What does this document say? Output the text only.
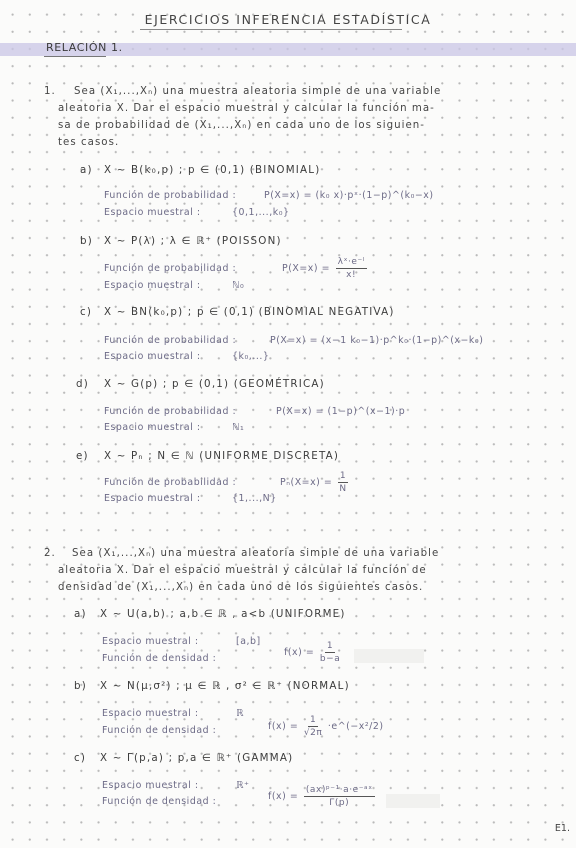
EJERCICIOS INFERENCIA ESTADÍSTICA
RELACIÓN 1.
1. Sea (X₁,...,Xₙ) una muestra aleatoria simple de una variable
aleatoria X. Dar el espacio muestral y calcular la función ma-
sa de probabilidad de (X₁,...,Xₙ) en cada uno de los siguien-
tes casos.
a) X ~ B(k₀,p) ; p ∈ (0,1) (BINOMIAL)
Función de probabilidad :	P(X=x) = (k₀ x)·pˣ·(1−p)^(k₀−x)
Espacio muestral :	{0,1,...,k₀}
b) X ~ P(λ) ; λ ∈ ℝ⁺ (POISSON)
Función de probabilidad :	$P(X=x) = \frac{\text{λˣ·e⁻ˡ}}{x!}$
Espacio muestral :	ℕ₀
c) X ~ BN(k₀,p) ; p ∈ (0,1) (BINOMIAL NEGATIVA)
Función de probabilidad :	P(X=x) = (x−1 k₀−1)·p^k₀·(1−p)^(x−k₀)
Espacio muestral :	{k₀,...}
d) X ~ G(p) ; p ∈ (0,1) (GEOMÉTRICA)
Función de probabilidad :	P(X=x) = (1−p)^(x−1)·p
Espacio muestral :	ℕ₁
e) X ~ Pₙ ; N ∈ ℕ (UNIFORME DISCRETA)
Función de probabilidad :	$P_n(X=x) = \frac{1}{N}$
Espacio muestral :	{1,...,N}
2. Sea (X₁,...,Xₙ) una muestra aleatoria simple de una variable
aleatoria X. Dar el espacio muestral y calcular la función de
densidad de (X₁,...,Xₙ) en cada uno de los siguientes casos.
a) X ~ U(a,b) ; a,b ∈ ℝ , a<b (UNIFORME)
Espacio muestral :	[a,b]
Función de densidad :
$f(x) = \frac{1}{b-a}$
b) X ~ N(μ,σ²) ; μ ∈ ℝ , σ² ∈ ℝ⁺ (NORMAL)
Espacio muestral :	ℝ
Función de densidad :	$f(x) = \frac{1}{√2\pi}$ ·e^(−x²/2)
c) X ~ Γ(p,a) ; p,a ∈ ℝ⁺ (GAMMA)
Espacio muestral :	ℝ⁺
Función de densidad :	$f(x) = \frac{\text{(ax)ᵖ⁻¹·a·e⁻ᵃˣ}}{\Gamma(p)}$
E1.
